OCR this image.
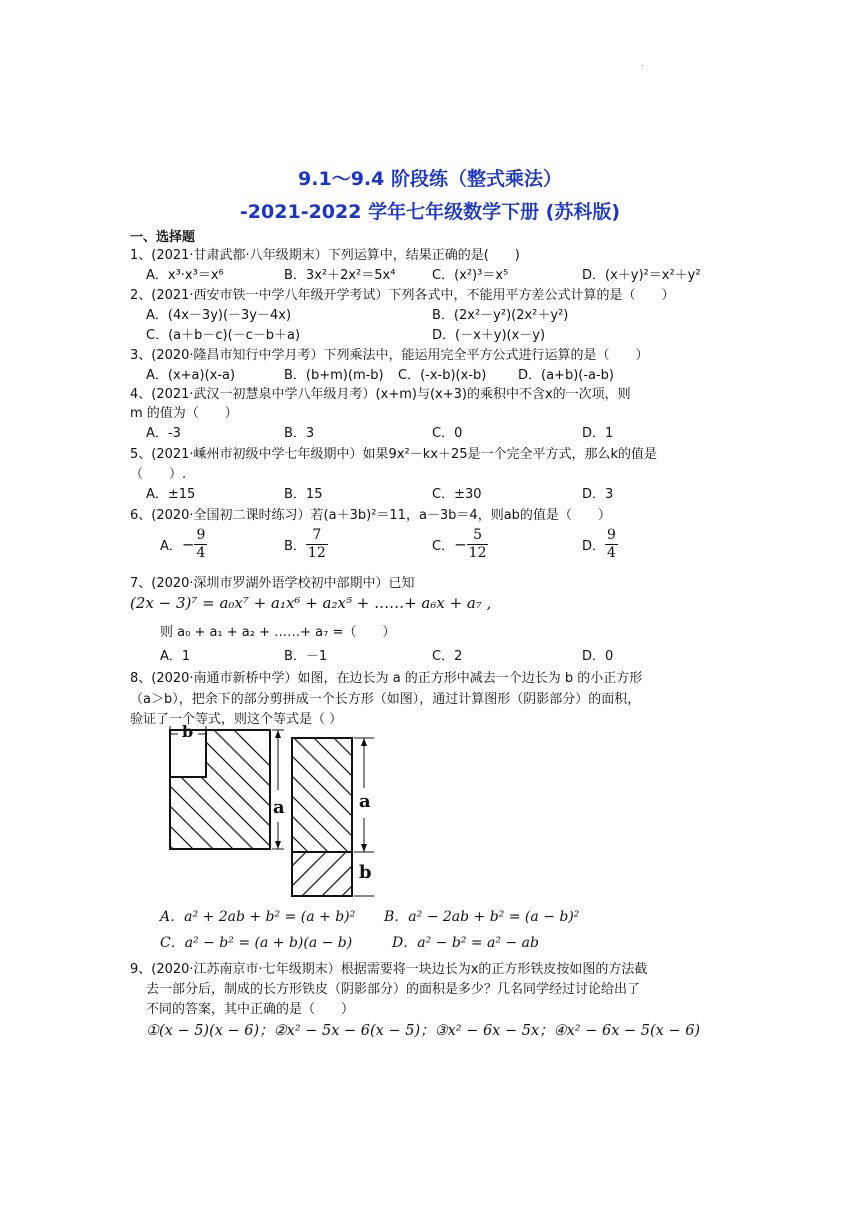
.
9.1～9.4 阶段练（整式乘法）
-2021-2022 学年七年级数学下册 (苏科版)
一、选择题
1、(2021·甘肃武都·八年级期末）下列运算中，结果正确的是(　　)
A．x³·x³＝x⁶	B．3x²＋2x²＝5x⁴	C．(x²)³＝x⁵	D．(x＋y)²＝x²＋y²
2、(2021·西安市铁一中学八年级开学考试）下列各式中，不能用平方差公式计算的是（　　）
A．(4x－3y)(－3y－4x)	B．(2x²－y²)(2x²＋y²)
C．(a＋b－c)(－c－b＋a)	D．(－x＋y)(x－y)
3、(2020·隆昌市知行中学月考）下列乘法中，能运用完全平方公式进行运算的是（　　）
A．(x+a)(x-a)	B．(b+m)(m-b) C．(-x-b)(x-b) D．(a+b)(-a-b)
4、(2021·武汉一初慧泉中学八年级月考）(x+m)与(x+3)的乘积中不含x的一次项，则
m 的值为（　　）
A．-3	B．3	C．0	D．1
5、(2021·嵊州市初级中学七年级期中）如果9x²－kx＋25是一个完全平方式，那么k的值是
（　　）.
A．±15	B．15	C．±30	D．3
6、(2020·全国初二课时练习）若(a＋3b)²＝11，a－3b＝4，则ab的值是（　　）
A．− $\frac{9}{4}$	B． $\frac{7}{12}$	C．− $\frac{5}{12}$	D． $\frac{9}{4}$
7、(2020·深圳市罗湖外语学校初中部期中）已知
(2x − 3)⁷ = a₀x⁷ + a₁x⁶ + a₂x⁵ + ……+ a₆x + a₇ ,
则 a₀ + a₁ + a₂ + ……+ a₇ =（　　）
A．1	B．－1	C．2	D．0
8、(2020·南通市新桥中学）如图，在边长为 a 的正方形中减去一个边长为 b 的小正方形
（a＞b），把余下的部分剪拼成一个长方形（如图），通过计算图形（阴影部分）的面积，
验证了一个等式，则这个等式是（ ）
b
a	a
b
A．a² + 2ab + b² = (a + b)² B．a² − 2ab + b² = (a − b)²
C．a² − b² = (a + b)(a − b)	D．a² − b² = a² − ab
9、(2020·江苏南京市·七年级期末）根据需要将一块边长为x的正方形铁皮按如图的方法截
去一部分后，制成的长方形铁皮（阴影部分）的面积是多少？几名同学经过讨论给出了
不同的答案，其中正确的是（　　）
①(x − 5)(x − 6)；②x² − 5x − 6(x − 5)；③x² − 6x − 5x；④x² − 6x − 5(x − 6)
